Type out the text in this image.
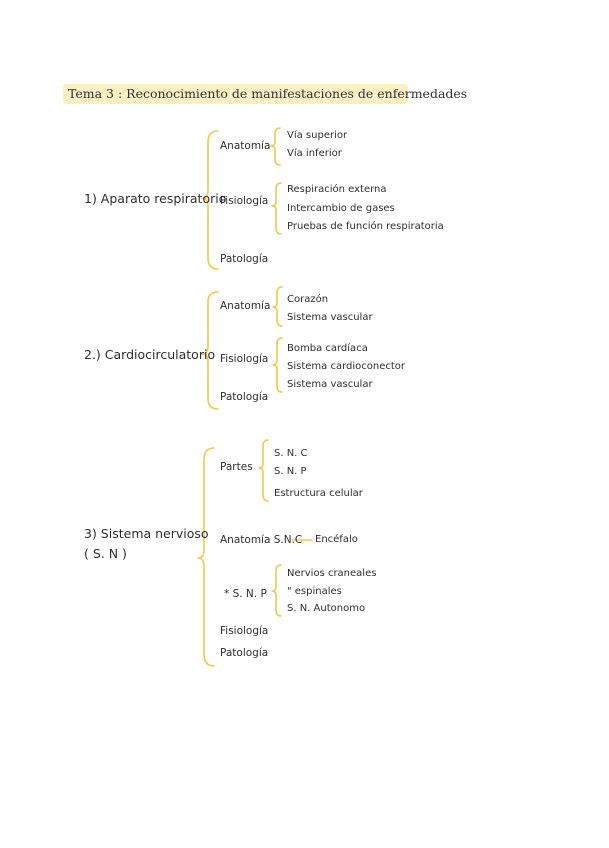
Tema 3 : Reconocimiento de manifestaciones de enfermedades
1) Aparato respiratorio
Anatomía
Vía superior
Vía inferior
Fisiología
Respiración externa
Intercambio de gases
Pruebas de función respiratoria
Patología
2.) Cardiocirculatorio
Anatomía
Corazón
Sistema vascular
Fisiología
Bomba cardíaca
Sistema cardioconector
Sistema vascular
Patología
3) Sistema nervioso
( S. N )
Partes
S. N. C
S. N. P
Estructura celular
Anatomía S.N.C Encéfalo
* S. N. P
Nervios craneales
" espinales
S. N. Autonomo
Fisiología
Patología
